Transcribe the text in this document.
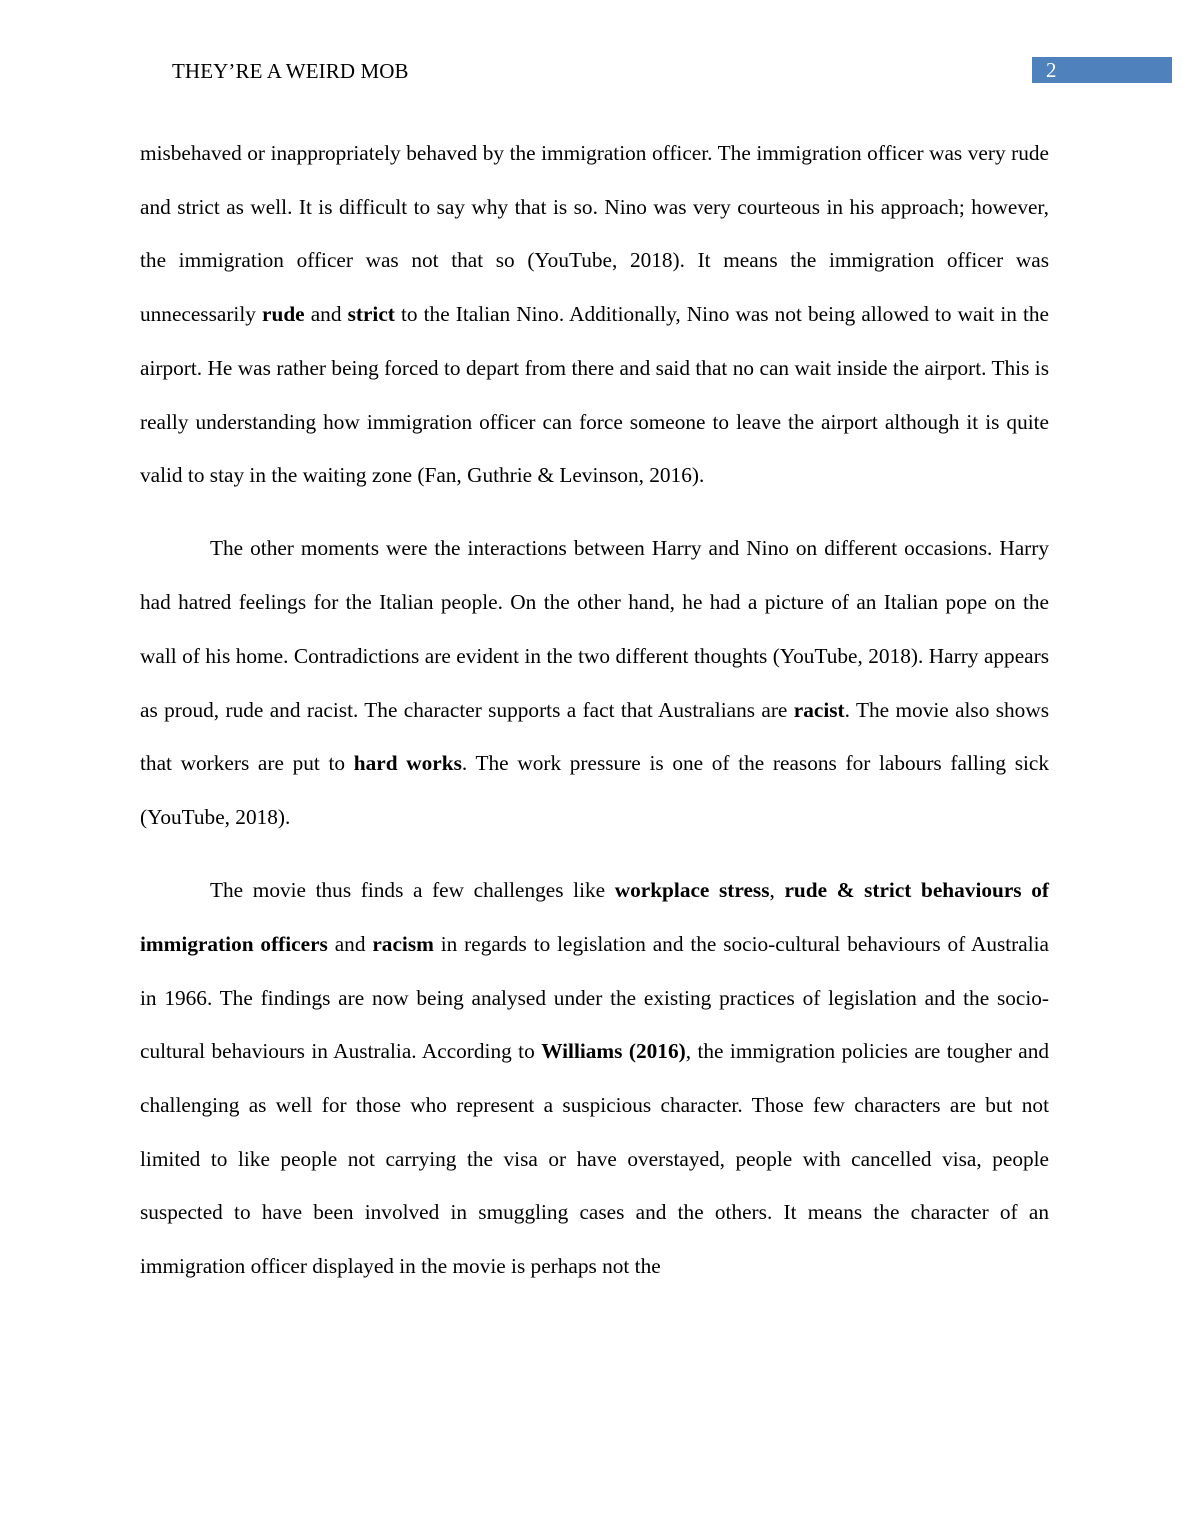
THEY’RE A WEIRD MOB	2

misbehaved or inappropriately behaved by the immigration officer. The immigration officer was very rude and strict as well. It is difficult to say why that is so. Nino was very courteous in his approach; however, the immigration officer was not that so (YouTube, 2018). It means the immigration officer was unnecessarily rude and strict to the Italian Nino. Additionally, Nino was not being allowed to wait in the airport. He was rather being forced to depart from there and said that no can wait inside the airport. This is really understanding how immigration officer can force someone to leave the airport although it is quite valid to stay in the waiting zone (Fan, Guthrie & Levinson, 2016).

The other moments were the interactions between Harry and Nino on different occasions. Harry had hatred feelings for the Italian people. On the other hand, he had a picture of an Italian pope on the wall of his home. Contradictions are evident in the two different thoughts (YouTube, 2018). Harry appears as proud, rude and racist. The character supports a fact that Australians are racist. The movie also shows that workers are put to hard works. The work pressure is one of the reasons for labours falling sick (YouTube, 2018).

The movie thus finds a few challenges like workplace stress, rude & strict behaviours of immigration officers and racism in regards to legislation and the socio-cultural behaviours of Australia in 1966. The findings are now being analysed under the existing practices of legislation and the socio-cultural behaviours in Australia. According to Williams (2016), the immigration policies are tougher and challenging as well for those who represent a suspicious character. Those few characters are but not limited to like people not carrying the visa or have overstayed, people with cancelled visa, people suspected to have been involved in smuggling cases and the others. It means the character of an immigration officer displayed in the movie is perhaps not the
